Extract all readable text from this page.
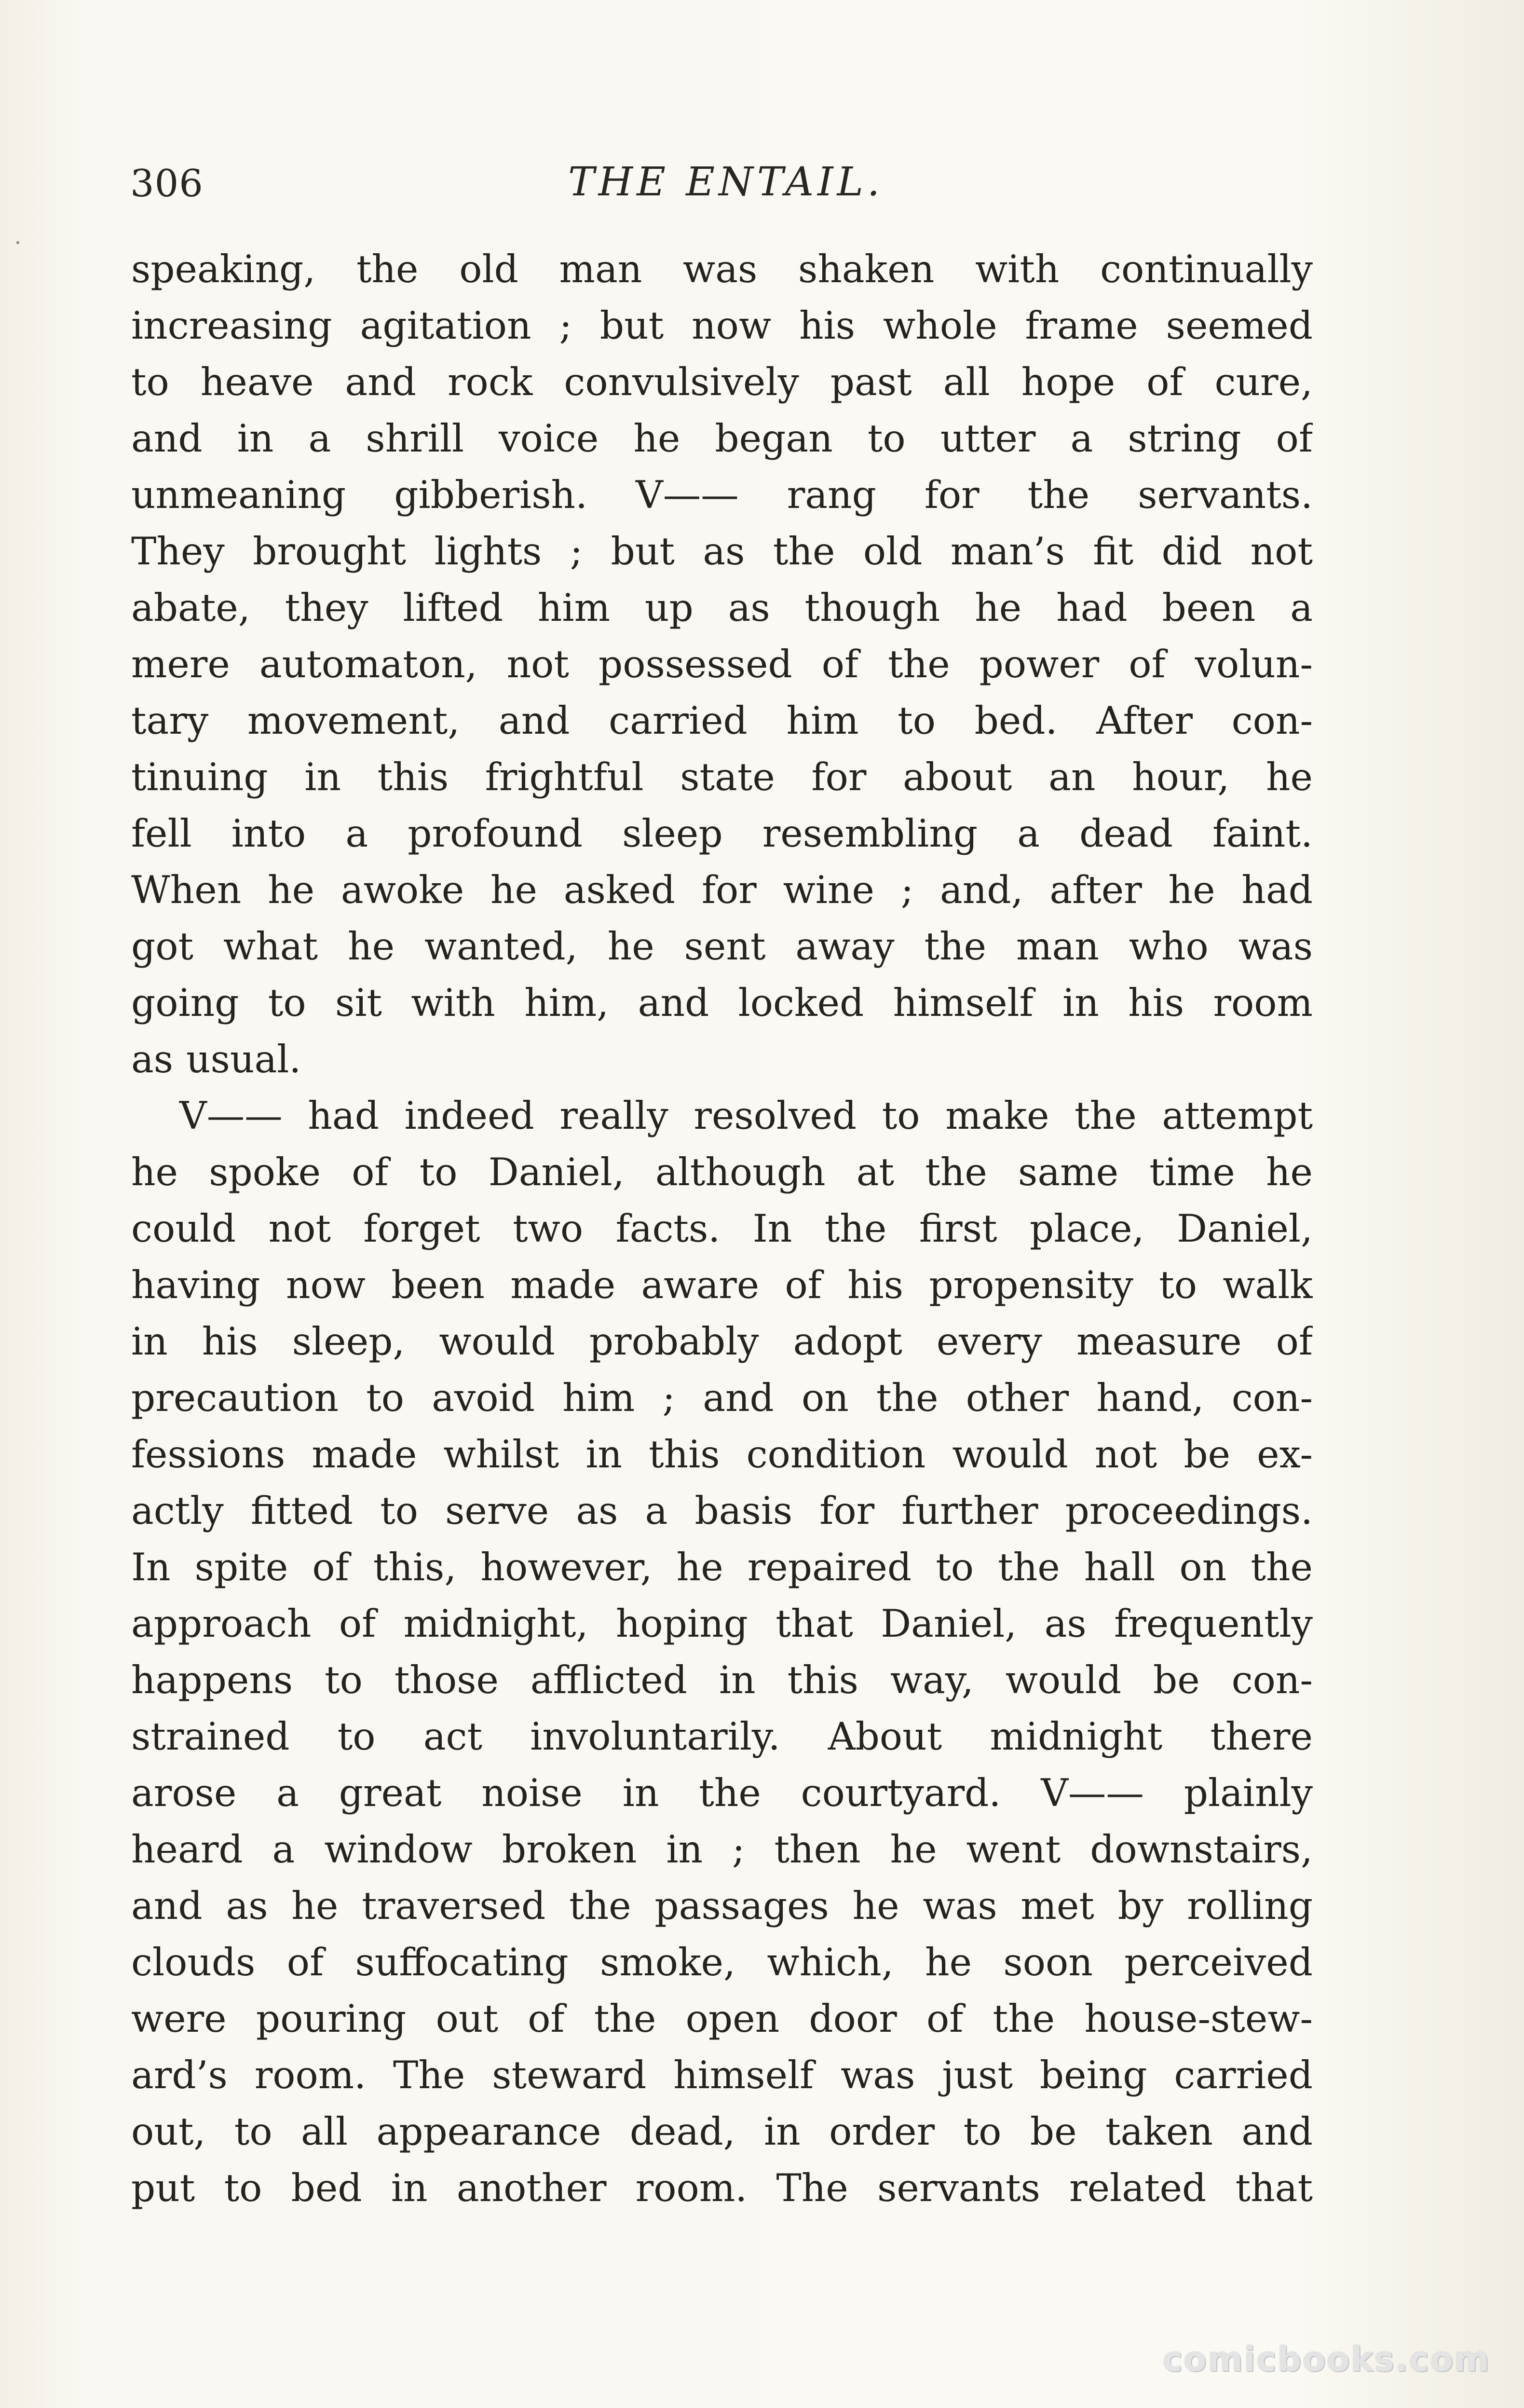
306	THE ENTAIL.
speaking, the old man was shaken with continually
increasing agitation ; but now his whole frame seemed
to heave and rock convulsively past all hope of cure,
and in a shrill voice he began to utter a string of
unmeaning gibberish. V—— rang for the servants.
They brought lights ; but as the old man’s fit did not
abate, they lifted him up as though he had been a
mere automaton, not possessed of the power of volun-
tary movement, and carried him to bed. After con-
tinuing in this frightful state for about an hour, he
fell into a profound sleep resembling a dead faint.
When he awoke he asked for wine ; and, after he had
got what he wanted, he sent away the man who was
going to sit with him, and locked himself in his room
as usual.
V—— had indeed really resolved to make the attempt
he spoke of to Daniel, although at the same time he
could not forget two facts. In the first place, Daniel,
having now been made aware of his propensity to walk
in his sleep, would probably adopt every measure of
precaution to avoid him ; and on the other hand, con-
fessions made whilst in this condition would not be ex-
actly fitted to serve as a basis for further proceedings.
In spite of this, however, he repaired to the hall on the
approach of midnight, hoping that Daniel, as frequently
happens to those afflicted in this way, would be con-
strained to act involuntarily. About midnight there
arose a great noise in the courtyard. V—— plainly
heard a window broken in ; then he went downstairs,
and as he traversed the passages he was met by rolling
clouds of suffocating smoke, which, he soon perceived
were pouring out of the open door of the house-stew-
ard’s room. The steward himself was just being carried
out, to all appearance dead, in order to be taken and
put to bed in another room. The servants related that
comicbooks.com
